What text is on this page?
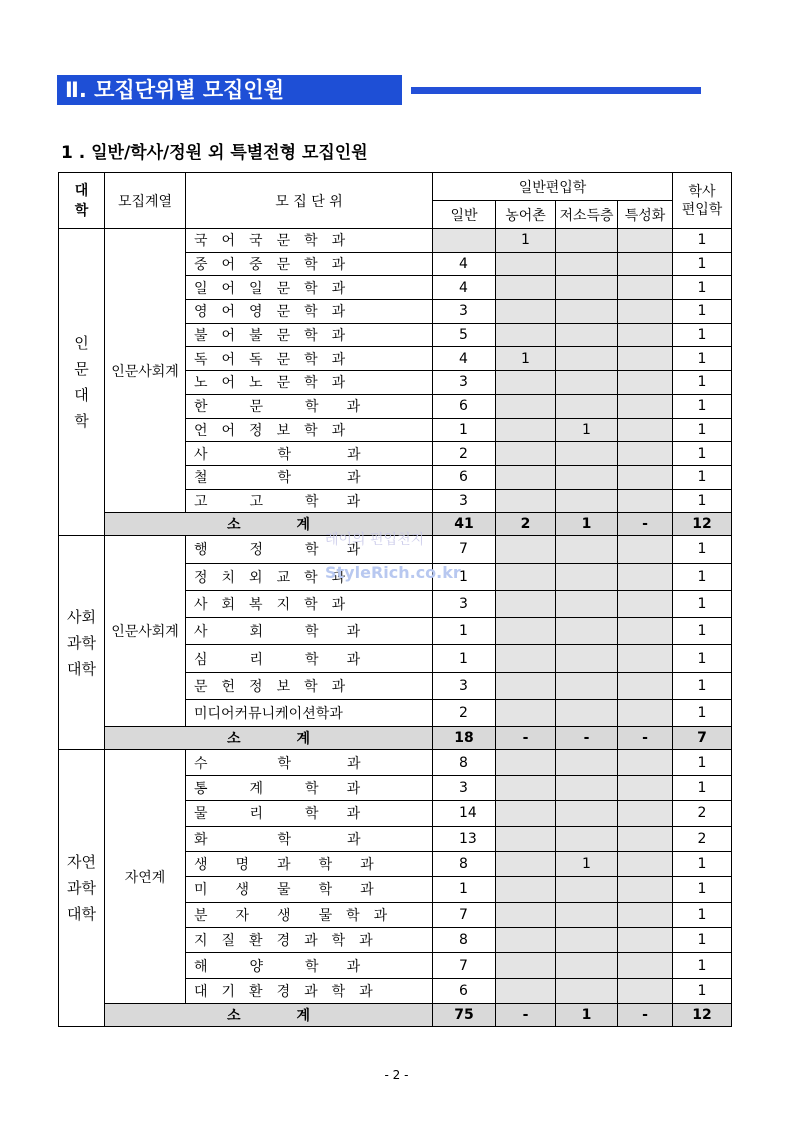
Ⅱ. 모집단위별 모집인원
1 . 일반/학사/정원 외 특별전형 모집인원
대
학	모집계열	모 집 단 위	일반편입학				학사
편입학
			일반	농어촌	저소득층	특성화	
인
문
대
학	인문사회계	국　어　국　문　학　과		1			1

		중　어　중　문　학　과	4				1

		일　어　일　문　학　과	4				1

		영　어　영　문　학　과	3				1

		불　어　불　문　학　과	5				1

		독　어　독　문　학　과	4	1			1

		노　어　노　문　학　과	3				1

		한　　　문　　　학　　과	6				1

		언　어　정　보　학　과	1		1		1

		사　　　　　학　　　　과	2				1

		철　　　　　학　　　　과	6				1

		고　　　고　　　학　　과	3				1
	소　　　　계		41	2	1	-	12
사회
과학
대학	인문사회계	행　　　정　　　학　　과	7				1

		정　치　외　교　학　과	1				1

		사　회　복　지　학　과	3				1

		사　　　회　　　학　　과	1				1

		심　　　리　　　학　　과	1				1

		문　헌　정　보　학　과	3				1

		미디어커뮤니케이션학과	2				1
	소　　　　계		18	-	-	-	7
자연
과학
대학	자연계	수　　　　　학　　　　과	8				1

		통　　　계　　　학　　과	3				1

		물　　　리　　　학　　과	14				2

		화　　　　　학　　　　과	13				2

		생　　명　　과　　학　　과	8		1		1

		미　　생　　물　　학　　과	1				1

		분　　자　　생　　물　학　과	7				1

		지　질　환　경　과　학　과	8				1

		해　　　양　　　학　　과	7				1

		대　기　환　경　과　학　과	6				1
	소　　　　계		75	-	1	-	12
레이의 편입천지
StyleRich.co.kr
- 2 -
